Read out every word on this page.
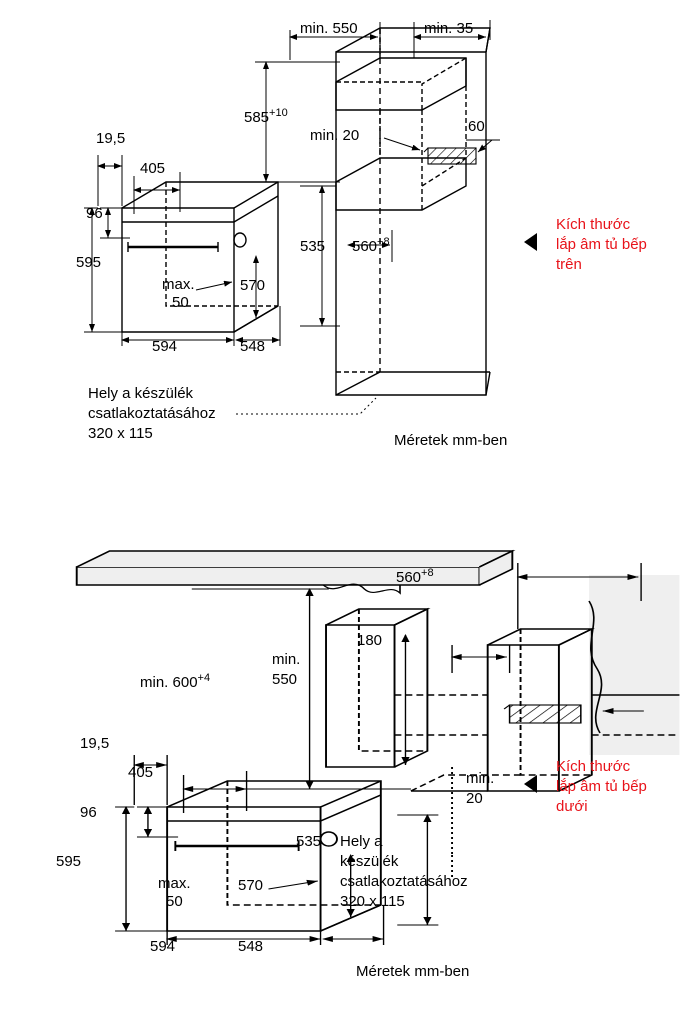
min. 550	min. 35
$585^{+10}$
min. 20
60
535 $560^{+8}$
19,5
405
96
595
max.
50
570
594	548
Hely a készülék
csatlakoztatásához
320 x 115	Méretek mm-ben
Kích thước
lắp âm tủ bếp
trên
$560^{+8}$
min. $600^{+4}$
min.
550
180
min.
20
19,5
405
96
595
max.
50
570
535
594	548
Hely a
készülék
csatlakoztatásához
320 x 115
Méretek mm-ben
Kích thước
lắp âm tủ bếp
dưới
